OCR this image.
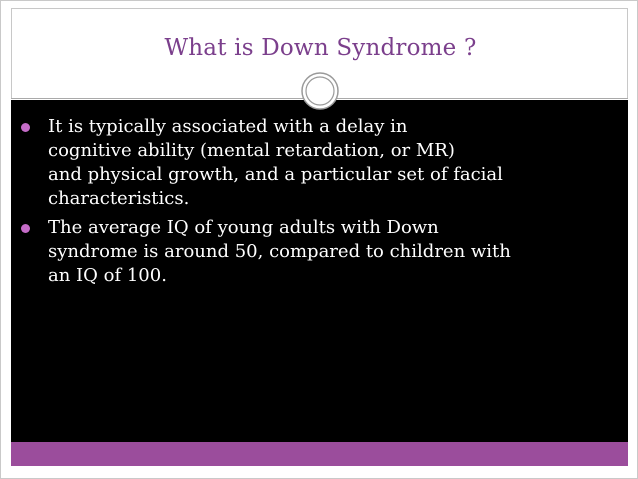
What is Down Syndrome ?
It is typically associated with a delay in
cognitive ability (mental retardation, or MR)
and physical growth, and a particular set of facial
characteristics.
The average IQ of young adults with Down
syndrome is around 50, compared to children with
an IQ of 100.
